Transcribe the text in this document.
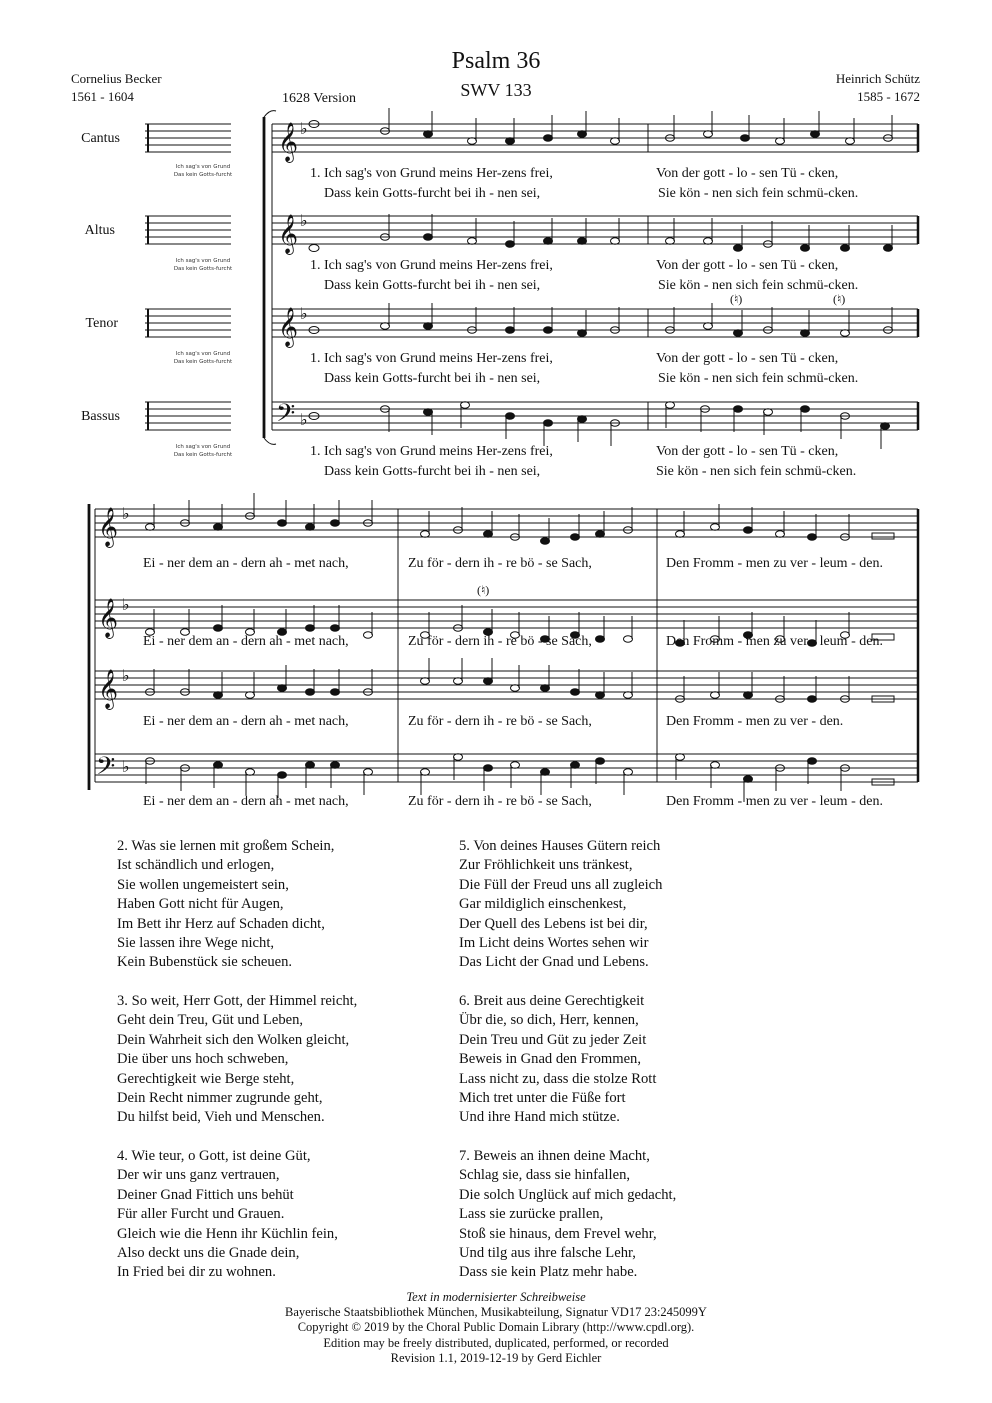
Psalm 36
SWV 133
1628 Version
Cornelius Becker
1561 - 1604
Heinrich Schütz
1585 - 1672
Cantus
Altus
Tenor
Bassus
Ich sag's von Grund
Das kein Gotts-furcht
Ich sag's von Grund
Das kein Gotts-furcht
Ich sag's von Grund
Das kein Gotts-furcht
Ich sag's von Grund
Das kein Gotts-furcht
𝄞
𝄞
𝄞
𝄢
𝄞
𝄞
𝄞
𝄢
♭
♭
♭
♭
♭
♭
♭
♭
(♮)	(♮)
(♮)
1. Ich sag's von Grund meins Her-zens frei,	Von der gott - lo - sen Tü - cken,
Dass kein Gotts-furcht bei ih - nen sei,	Sie kön - nen sich fein schmü-cken.
1. Ich sag's von Grund meins Her-zens frei,	Von der gott - lo - sen Tü - cken,
Dass kein Gotts-furcht bei ih - nen sei,	Sie kön - nen sich fein schmü-cken.
1. Ich sag's von Grund meins Her-zens frei,	Von der gott - lo - sen Tü - cken,
Dass kein Gotts-furcht bei ih - nen sei,	Sie kön - nen sich fein schmü-cken.
1. Ich sag's von Grund meins Her-zens frei,	Von der gott - lo - sen Tü - cken,
Dass kein Gotts-furcht bei ih - nen sei,	Sie kön - nen sich fein schmü-cken.
Ei - ner dem an - dern ah - met nach,	Zu för - dern ih - re bö - se Sach,	Den Fromm - men zu ver - leum - den.
Ei - ner dem an - dern ah - met nach,	Zu för - dern ih - re bö - se Sach,	Den Fromm - men zu ver - leum - den.
Ei - ner dem an - dern ah - met nach,	Zu för - dern ih - re bö - se Sach,	Den Fromm - men zu ver - den.
Ei - ner dem an - dern ah - met nach,	Zu för - dern ih - re bö - se Sach,	Den Fromm - men zu ver - leum - den.
2. Was sie lernen mit großem Schein,
Ist schändlich und erlogen,
Sie wollen ungemeistert sein,
Haben Gott nicht für Augen,
Im Bett ihr Herz auf Schaden dicht,
Sie lassen ihre Wege nicht,
Kein Bubenstück sie scheuen.
3. So weit, Herr Gott, der Himmel reicht,
Geht dein Treu, Güt und Leben,
Dein Wahrheit sich den Wolken gleicht,
Die über uns hoch schweben,
Gerechtigkeit wie Berge steht,
Dein Recht nimmer zugrunde geht,
Du hilfst beid, Vieh und Menschen.
4. Wie teur, o Gott, ist deine Güt,
Der wir uns ganz vertrauen,
Deiner Gnad Fittich uns behüt
Für aller Furcht und Grauen.
Gleich wie die Henn ihr Küchlin fein,
Also deckt uns die Gnade dein,
In Fried bei dir zu wohnen.
5. Von deines Hauses Gütern reich
Zur Fröhlichkeit uns tränkest,
Die Füll der Freud uns all zugleich
Gar mildiglich einschenkest,
Der Quell des Lebens ist bei dir,
Im Licht deins Wortes sehen wir
Das Licht der Gnad und Lebens.
6. Breit aus deine Gerechtigkeit
Übr die, so dich, Herr, kennen,
Dein Treu und Güt zu jeder Zeit
Beweis in Gnad den Frommen,
Lass nicht zu, dass die stolze Rott
Mich tret unter die Füße fort
Und ihre Hand mich stütze.
7. Beweis an ihnen deine Macht,
Schlag sie, dass sie hinfallen,
Die solch Unglück auf mich gedacht,
Lass sie zurücke prallen,
Stoß sie hinaus, dem Frevel wehr,
Und tilg aus ihre falsche Lehr,
Dass sie kein Platz mehr habe.
Text in modernisierter Schreibweise
Bayerische Staatsbibliothek München, Musikabteilung, Signatur VD17 23:245099Y
Copyright © 2019 by the Choral Public Domain Library (http://www.cpdl.org).
Edition may be freely distributed, duplicated, performed, or recorded
Revision 1.1, 2019-12-19 by Gerd Eichler
